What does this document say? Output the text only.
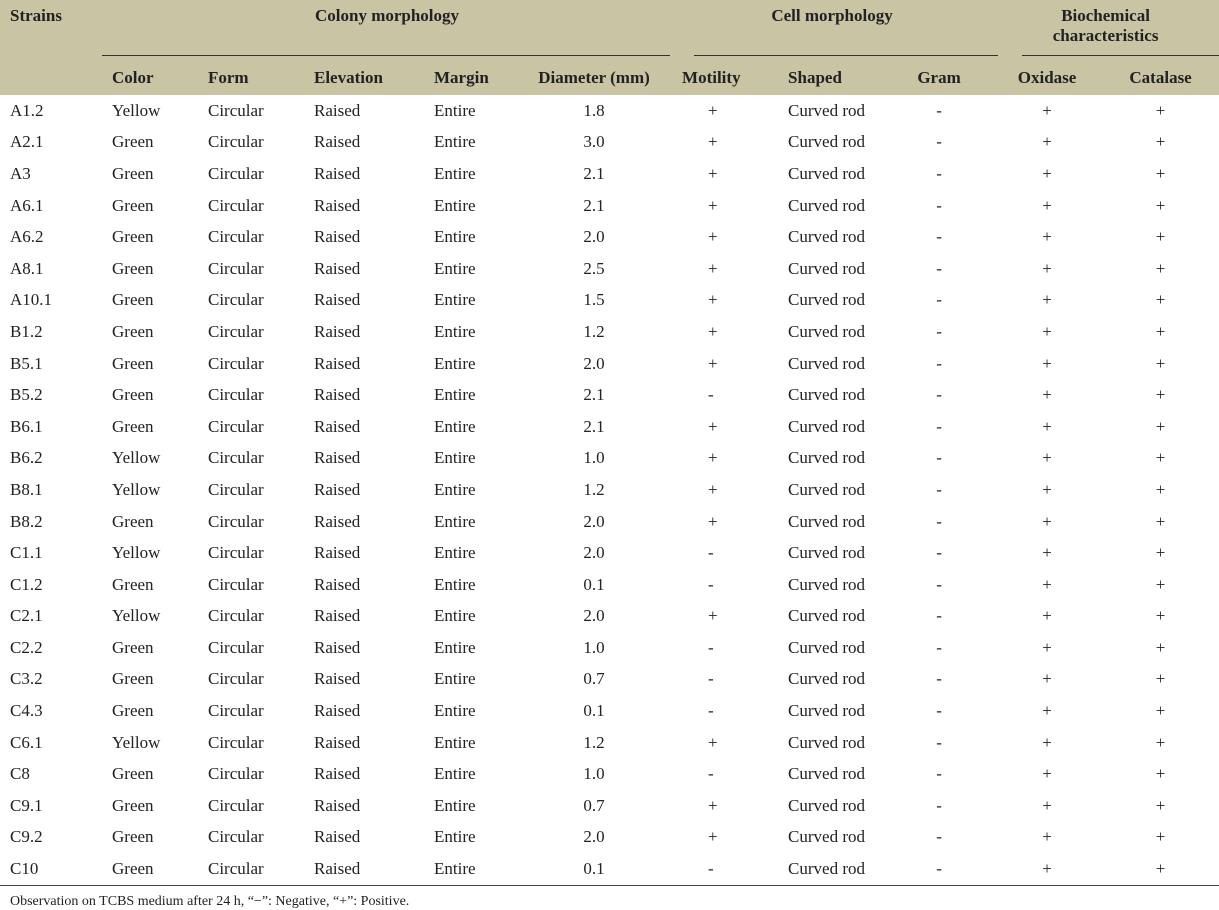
Strains	Colony morphology					Cell morphology			Biochemical
characteristics	
	Color	Form	Elevation	Margin	Diameter (mm)	Motility	Shaped	Gram	Oxidase	Catalase
A1.2	Yellow	Circular	Raised	Entire	1.8	+	Curved rod	-	+	+
A2.1	Green	Circular	Raised	Entire	3.0	+	Curved rod	-	+	+
A3	Green	Circular	Raised	Entire	2.1	+	Curved rod	-	+	+
A6.1	Green	Circular	Raised	Entire	2.1	+	Curved rod	-	+	+
A6.2	Green	Circular	Raised	Entire	2.0	+	Curved rod	-	+	+
A8.1	Green	Circular	Raised	Entire	2.5	+	Curved rod	-	+	+
A10.1	Green	Circular	Raised	Entire	1.5	+	Curved rod	-	+	+
B1.2	Green	Circular	Raised	Entire	1.2	+	Curved rod	-	+	+
B5.1	Green	Circular	Raised	Entire	2.0	+	Curved rod	-	+	+
B5.2	Green	Circular	Raised	Entire	2.1	-	Curved rod	-	+	+
B6.1	Green	Circular	Raised	Entire	2.1	+	Curved rod	-	+	+
B6.2	Yellow	Circular	Raised	Entire	1.0	+	Curved rod	-	+	+
B8.1	Yellow	Circular	Raised	Entire	1.2	+	Curved rod	-	+	+
B8.2	Green	Circular	Raised	Entire	2.0	+	Curved rod	-	+	+
C1.1	Yellow	Circular	Raised	Entire	2.0	-	Curved rod	-	+	+
C1.2	Green	Circular	Raised	Entire	0.1	-	Curved rod	-	+	+
C2.1	Yellow	Circular	Raised	Entire	2.0	+	Curved rod	-	+	+
C2.2	Green	Circular	Raised	Entire	1.0	-	Curved rod	-	+	+
C3.2	Green	Circular	Raised	Entire	0.7	-	Curved rod	-	+	+
C4.3	Green	Circular	Raised	Entire	0.1	-	Curved rod	-	+	+
C6.1	Yellow	Circular	Raised	Entire	1.2	+	Curved rod	-	+	+
C8	Green	Circular	Raised	Entire	1.0	-	Curved rod	-	+	+
C9.1	Green	Circular	Raised	Entire	0.7	+	Curved rod	-	+	+
C9.2	Green	Circular	Raised	Entire	2.0	+	Curved rod	-	+	+
C10	Green	Circular	Raised	Entire	0.1	-	Curved rod	-	+	+
Observation on TCBS medium after 24 h, “−”: Negative, “+”: Positive.
